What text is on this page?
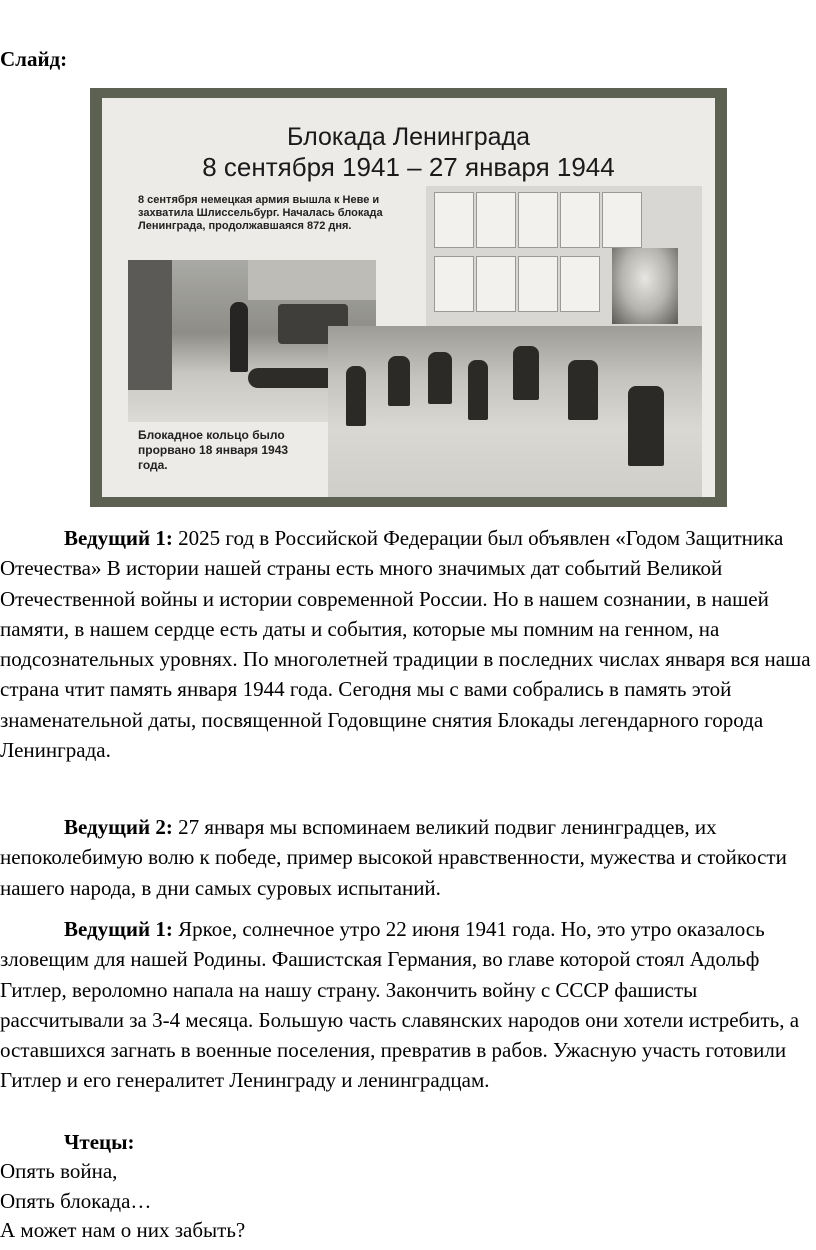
Слайд:
Блокада Ленинграда
8 сентября 1941 – 27 января 1944
8 сентября немецкая армия вышла к Неве и захватила Шлиссельбург. Началась блокада Ленинграда, продолжавшаяся 872 дня.
Блокадное кольцо было прорвано 18 января 1943 года.

Ведущий 1: 2025 год в Российской Федерации был объявлен «Годом Защитника Отечества» В истории нашей страны есть много значимых дат событий Великой Отечественной войны и истории современной России. Но в нашем сознании, в нашей памяти, в нашем сердце есть даты и события, которые мы помним на генном, на подсознательных уровнях. По многолетней традиции в последних числах января вся наша страна чтит память января 1944 года. Сегодня мы с вами собрались в память этой знаменательной даты, посвященной Годовщине снятия Блокады легендарного города Ленинграда.

Ведущий 2: 27 января мы вспоминаем великий подвиг ленинградцев, их непоколебимую волю к победе, пример высокой нравственности, мужества и стойкости нашего народа, в дни самых суровых испытаний.

Ведущий 1: Яркое, солнечное утро 22 июня 1941 года. Но, это утро оказалось зловещим для нашей Родины. Фашистская Германия, во главе которой стоял Адольф Гитлер, вероломно напала на нашу страну. Закончить войну с СССР фашисты рассчитывали за 3-4 месяца. Большую часть славянских народов они хотели истребить, а оставшихся загнать в военные поселения, превратив в рабов. Ужасную участь готовили Гитлер и его генералитет Ленинграду и ленинградцам.

Чтецы:
Опять война,
Опять блокада…
А может нам о них забыть?
